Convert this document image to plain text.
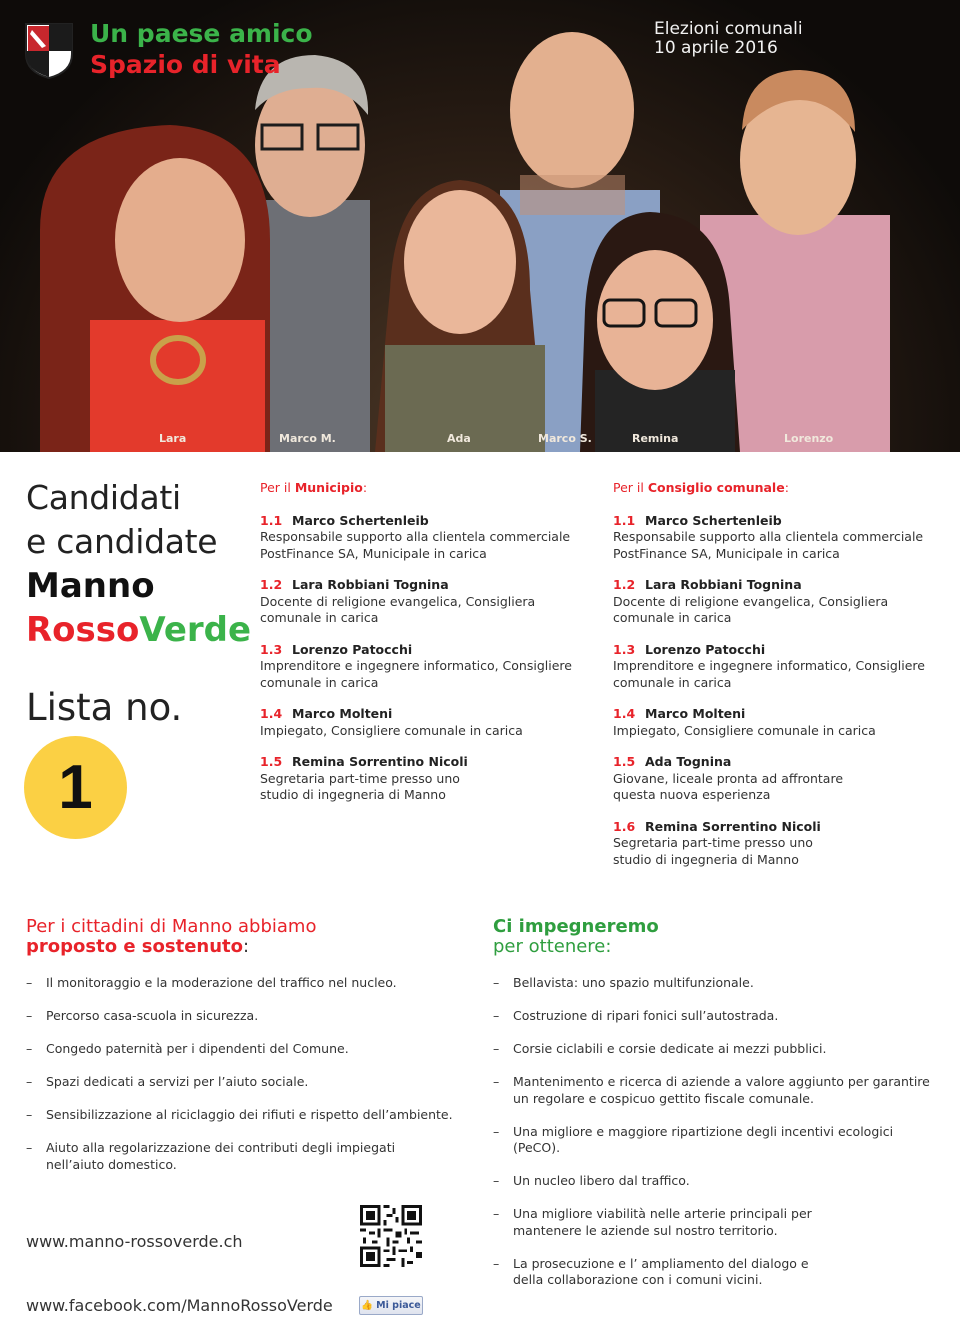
Un paese amico
Spazio di vita
Elezioni comunali
10 aprile 2016
Lara	Marco M.	Ada	Marco S.	Remina	Lorenzo
Candidati
e candidate
Manno
RossoVerde
Lista no.
1
Per il Municipio:
1.1 Marco Schertenleib
Responsabile supporto alla clientela commerciale PostFinance SA, Municipale in carica
1.2 Lara Robbiani Tognina
Docente di religione evangelica, Consigliera comunale in carica
1.3 Lorenzo Patocchi
Imprenditore e ingegnere informatico, Consigliere comunale in carica
1.4 Marco Molteni
Impiegato, Consigliere comunale in carica
1.5 Remina Sorrentino Nicoli
Segretaria part-time presso uno studio di ingegneria di Manno
Per il Consiglio comunale:
1.1 Marco Schertenleib
Responsabile supporto alla clientela commerciale PostFinance SA, Municipale in carica
1.2 Lara Robbiani Tognina
Docente di religione evangelica, Consigliera comunale in carica
1.3 Lorenzo Patocchi
Imprenditore e ingegnere informatico, Consigliere comunale in carica
1.4 Marco Molteni
Impiegato, Consigliere comunale in carica
1.5 Ada Tognina
Giovane, liceale pronta ad affrontare questa nuova esperienza
1.6 Remina Sorrentino Nicoli
Segretaria part-time presso uno studio di ingegneria di Manno
Per i cittadini di Manno abbiamo
proposto e sostenuto:
– Il monitoraggio e la moderazione del traffico nel nucleo.
– Percorso casa-scuola in sicurezza.
– Congedo paternità per i dipendenti del Comune.
– Spazi dedicati a servizi per l’aiuto sociale.
– Sensibilizzazione al riciclaggio dei rifiuti e rispetto dell’ambiente.
– Aiuto alla regolarizzazione dei contributi degli impiegati nell’aiuto domestico.
Ci impegneremo
per ottenere:
– Bellavista: uno spazio multifunzionale.
– Costruzione di ripari fonici sull’autostrada.
– Corsie ciclabili e corsie dedicate ai mezzi pubblici.
– Mantenimento e ricerca di aziende a valore aggiunto per garantire un regolare e cospicuo gettito fiscale comunale.
– Una migliore e maggiore ripartizione degli incentivi ecologici (PeCO).
– Un nucleo libero dal traffico.
– Una migliore viabilità nelle arterie principali per mantenere le aziende sul nostro territorio.
– La prosecuzione e l’ ampliamento del dialogo e della collaborazione con i comuni vicini.
www.manno-rossoverde.ch
www.facebook.com/MannoRossoVerde	👍 Mi piace
